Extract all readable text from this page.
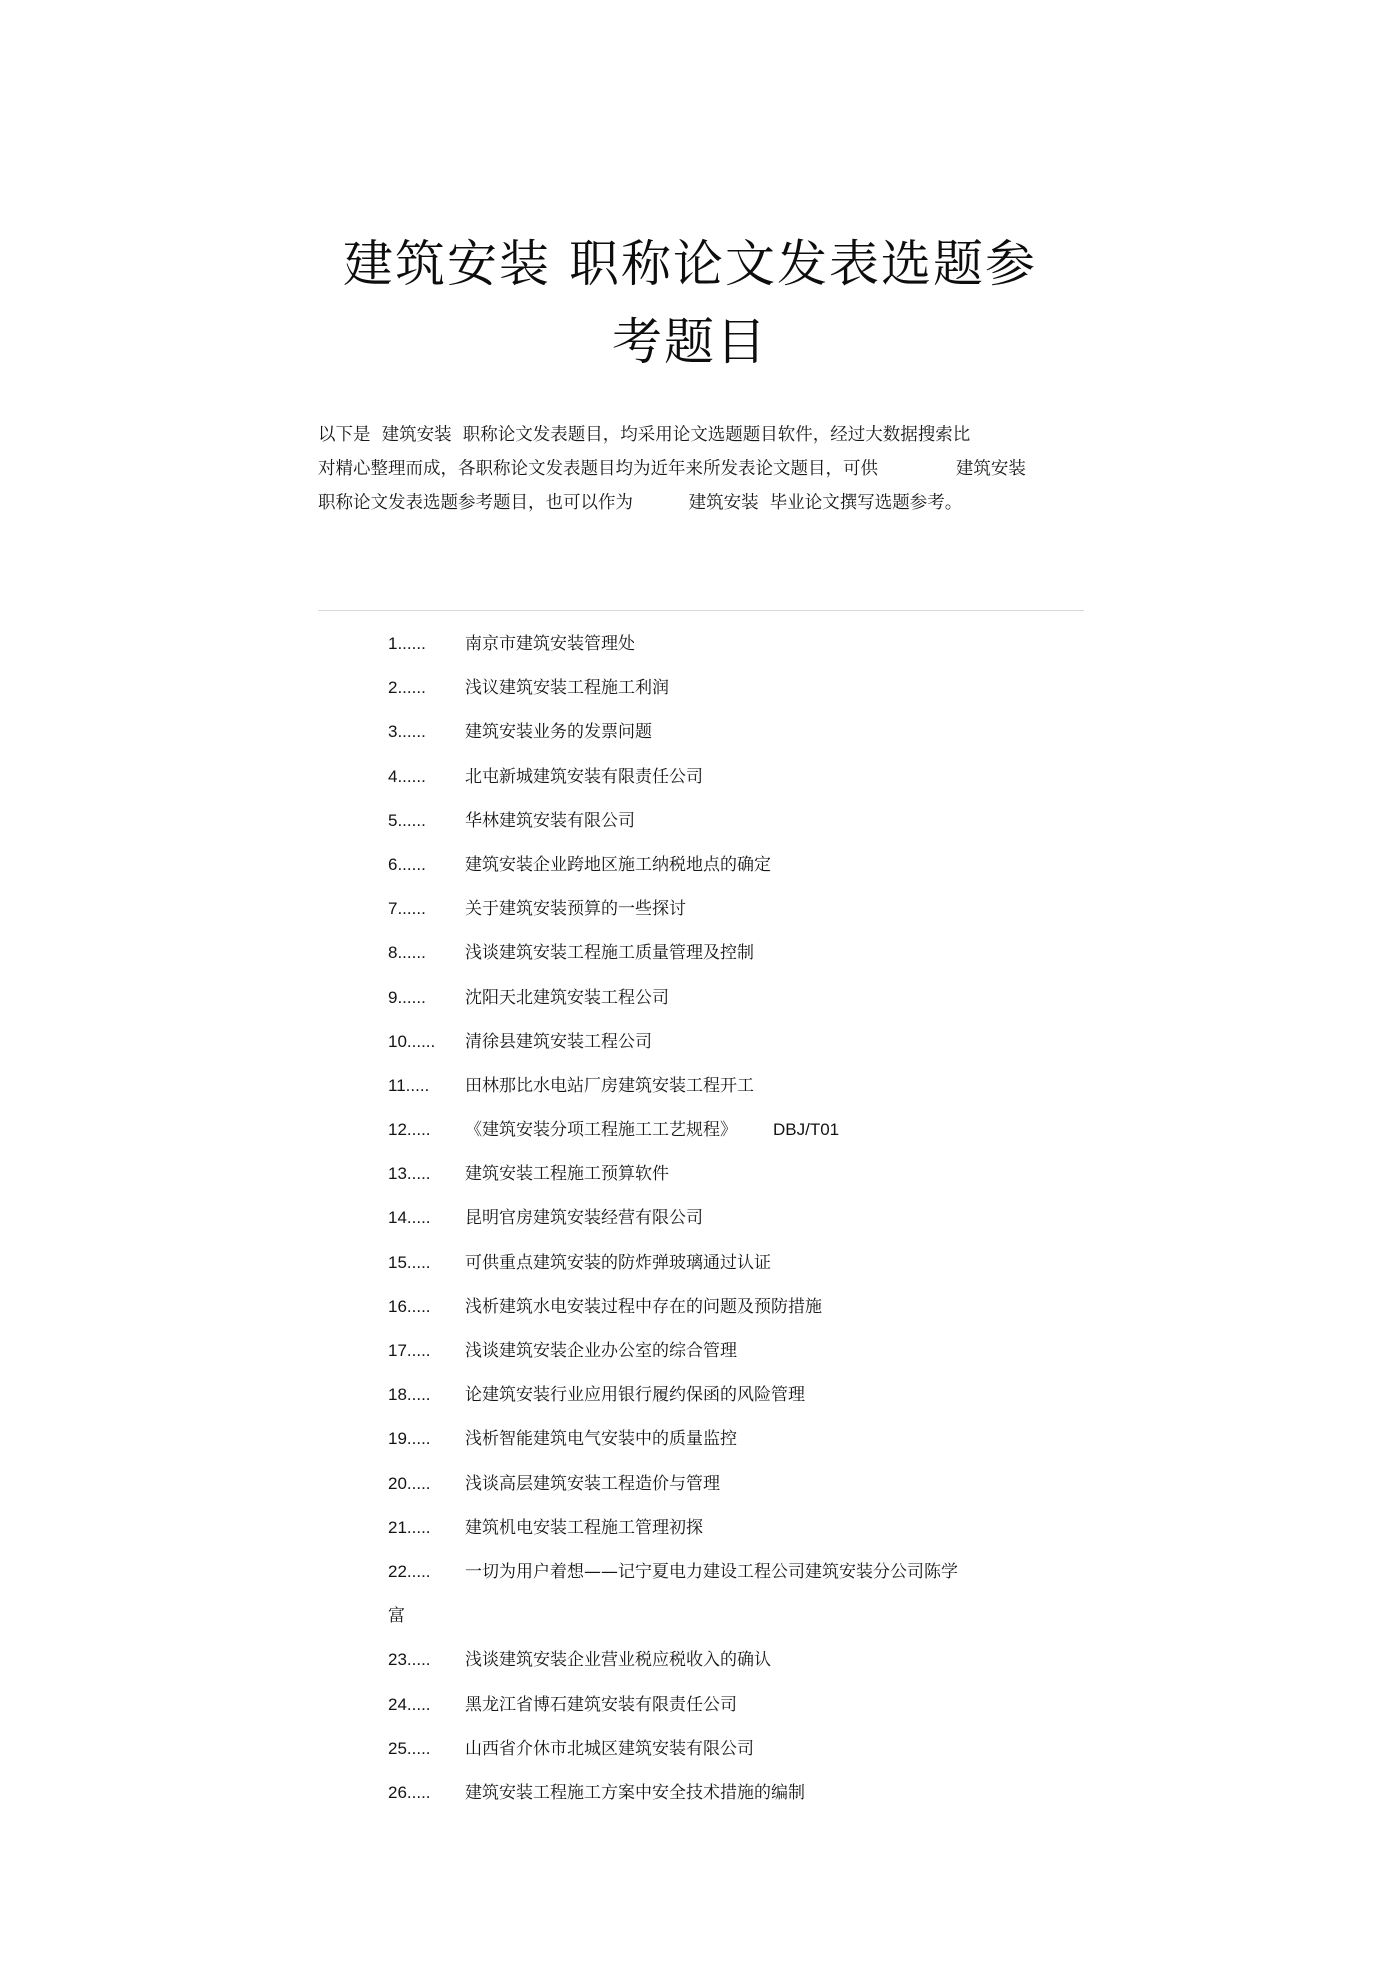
建筑安装 职称论文发表选题参
考题目
以下是  建筑安装  职称论文发表题目，均采用论文选题题目软件，经过大数据搜索比
对精心整理而成，各职称论文发表题目均为近年来所发表论文题目，可供              建筑安装
职称论文发表选题参考题目，也可以作为          建筑安装  毕业论文撰写选题参考。
1......	南京市建筑安装管理处
2......	浅议建筑安装工程施工利润
3......	建筑安装业务的发票问题
4......	北屯新城建筑安装有限责任公司
5......	华林建筑安装有限公司
6......	建筑安装企业跨地区施工纳税地点的确定
7......	关于建筑安装预算的一些探讨
8......	浅谈建筑安装工程施工质量管理及控制
9......	沈阳天北建筑安装工程公司
10......	清徐县建筑安装工程公司
11.....	田林那比水电站厂房建筑安装工程开工
12.....	《建筑安装分项工程施工工艺规程》 DBJ/T01
13.....	建筑安装工程施工预算软件
14.....	昆明官房建筑安装经营有限公司
15.....	可供重点建筑安装的防炸弹玻璃通过认证
16.....	浅析建筑水电安装过程中存在的问题及预防措施
17.....	浅谈建筑安装企业办公室的综合管理
18.....	论建筑安装行业应用银行履约保函的风险管理
19.....	浅析智能建筑电气安装中的质量监控
20.....	浅谈高层建筑安装工程造价与管理
21.....	建筑机电安装工程施工管理初探
22.....	一切为用户着想——记宁夏电力建设工程公司建筑安装分公司陈学
富
23.....	浅谈建筑安装企业营业税应税收入的确认
24.....	黑龙江省博石建筑安装有限责任公司
25.....	山西省介休市北城区建筑安装有限公司
26.....	建筑安装工程施工方案中安全技术措施的编制
